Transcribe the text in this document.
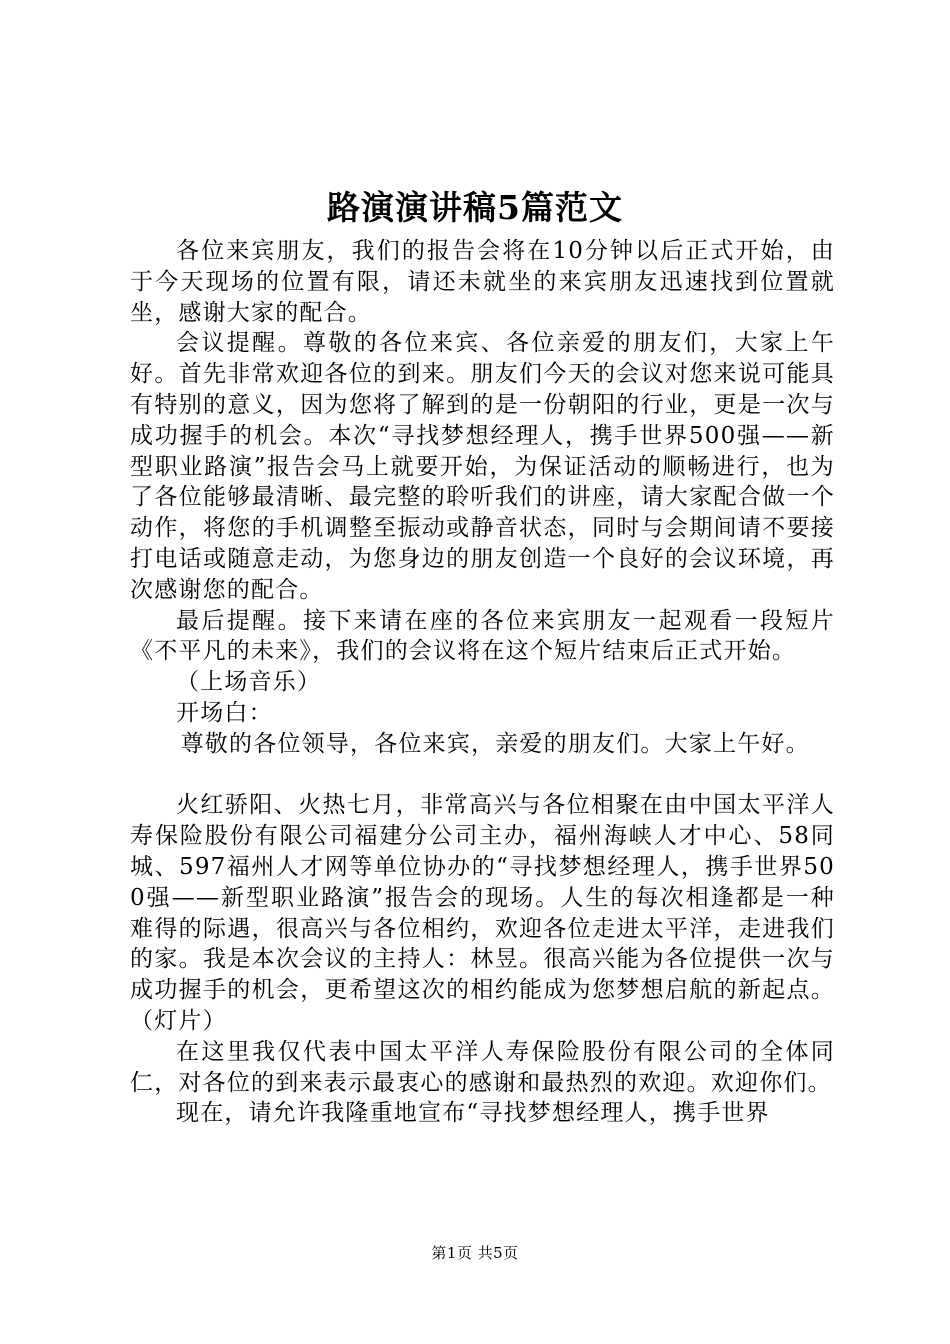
路演演讲稿5篇范文

各位来宾朋友，我们的报告会将在10分钟以后正式开始，由于今天现场的位置有限，请还未就坐的来宾朋友迅速找到位置就坐，感谢大家的配合。

会议提醒。尊敬的各位来宾、各位亲爱的朋友们，大家上午好。首先非常欢迎各位的到来。朋友们今天的会议对您来说可能具有特别的意义，因为您将了解到的是一份朝阳的行业，更是一次与成功握手的机会。本次“寻找梦想经理人，携手世界500强——新型职业路演”报告会马上就要开始，为保证活动的顺畅进行，也为了各位能够最清晰、最完整的聆听我们的讲座，请大家配合做一个动作，将您的手机调整至振动或静音状态，同时与会期间请不要接打电话或随意走动，为您身边的朋友创造一个良好的会议环境，再次感谢您的配合。

最后提醒。接下来请在座的各位来宾朋友一起观看一段短片《不平凡的未来》，我们的会议将在这个短片结束后正式开始。

（上场音乐）

开场白：

尊敬的各位领导，各位来宾，亲爱的朋友们。大家上午好。

火红骄阳、火热七月，非常高兴与各位相聚在由中国太平洋人寿保险股份有限公司福建分公司主办，福州海峡人才中心、58同城、597福州人才网等单位协办的“寻找梦想经理人，携手世界500强——新型职业路演”报告会的现场。人生的每次相逢都是一种难得的际遇，很高兴与各位相约，欢迎各位走进太平洋，走进我们的家。我是本次会议的主持人：林昱。很高兴能为各位提供一次与成功握手的机会，更希望这次的相约能成为您梦想启航的新起点。（灯片）

在这里我仅代表中国太平洋人寿保险股份有限公司的全体同仁，对各位的到来表示最衷心的感谢和最热烈的欢迎。欢迎你们。

现在，请允许我隆重地宣布“寻找梦想经理人，携手世界

第1页 共5页
